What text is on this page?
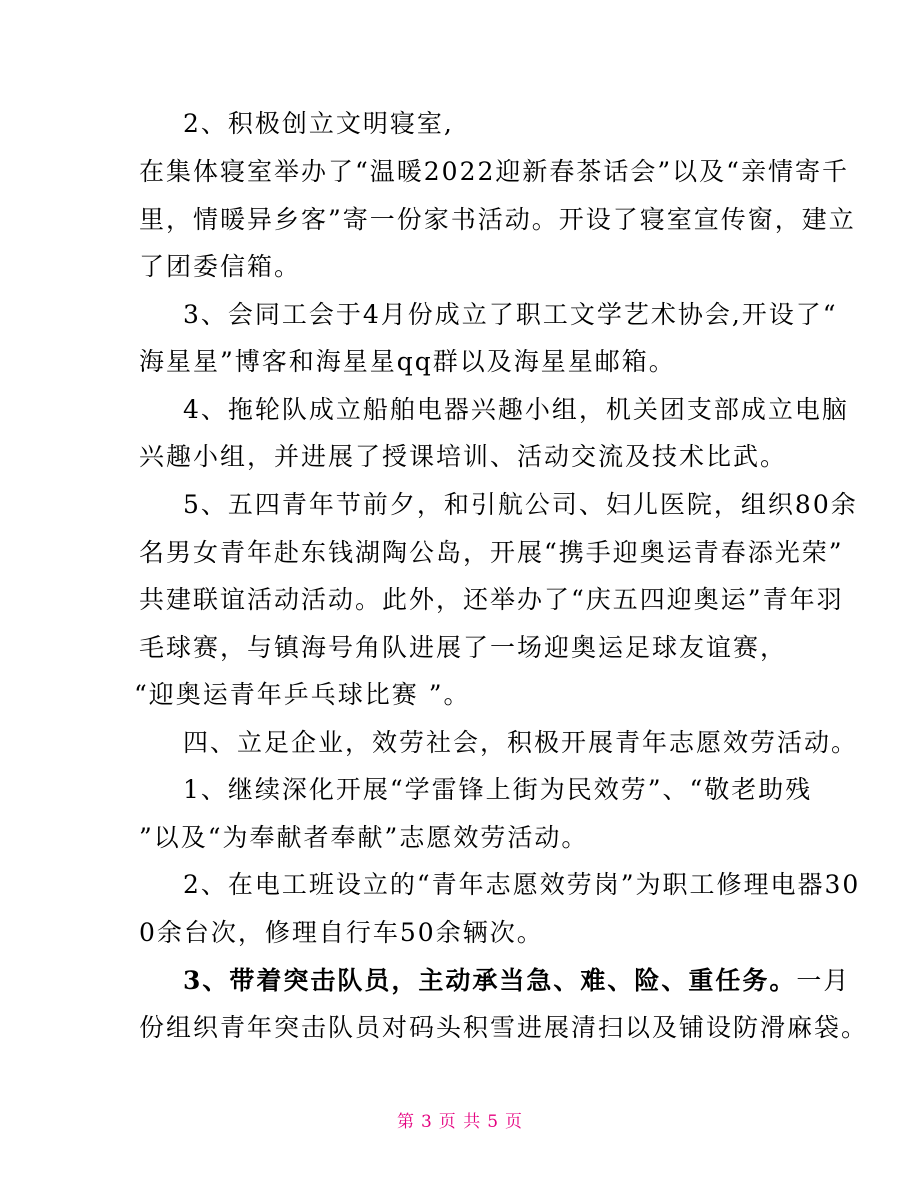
2、积极创立文明寝室,
在集体寝室举办了“温暖2022迎新春茶话会”以及“亲情寄千
里，情暖异乡客”寄一份家书活动。开设了寝室宣传窗，建立
了团委信箱。
3、会同工会于4月份成立了职工文学艺术协会,开设了“
海星星”博客和海星星qq群以及海星星邮箱。
4、拖轮队成立船舶电器兴趣小组，机关团支部成立电脑
兴趣小组，并进展了授课培训、活动交流及技术比武。
5、五四青年节前夕，和引航公司、妇儿医院，组织80余
名男女青年赴东钱湖陶公岛，开展“携手迎奥运青春添光荣”
共建联谊活动活动。此外，还举办了“庆五四迎奥运”青年羽
毛球赛，与镇海号角队进展了一场迎奥运足球友谊赛，
“迎奥运青年乒乓球比赛 ”。
四、立足企业，效劳社会，积极开展青年志愿效劳活动。
1、继续深化开展“学雷锋上街为民效劳”、“敬老助残
”以及“为奉献者奉献”志愿效劳活动。
2、在电工班设立的“青年志愿效劳岗”为职工修理电器30
0余台次，修理自行车50余辆次。
3、带着突击队员，主动承当急、难、险、重任务。一月
份组织青年突击队员对码头积雪进展清扫以及铺设防滑麻袋。
第 3 页 共 5 页
